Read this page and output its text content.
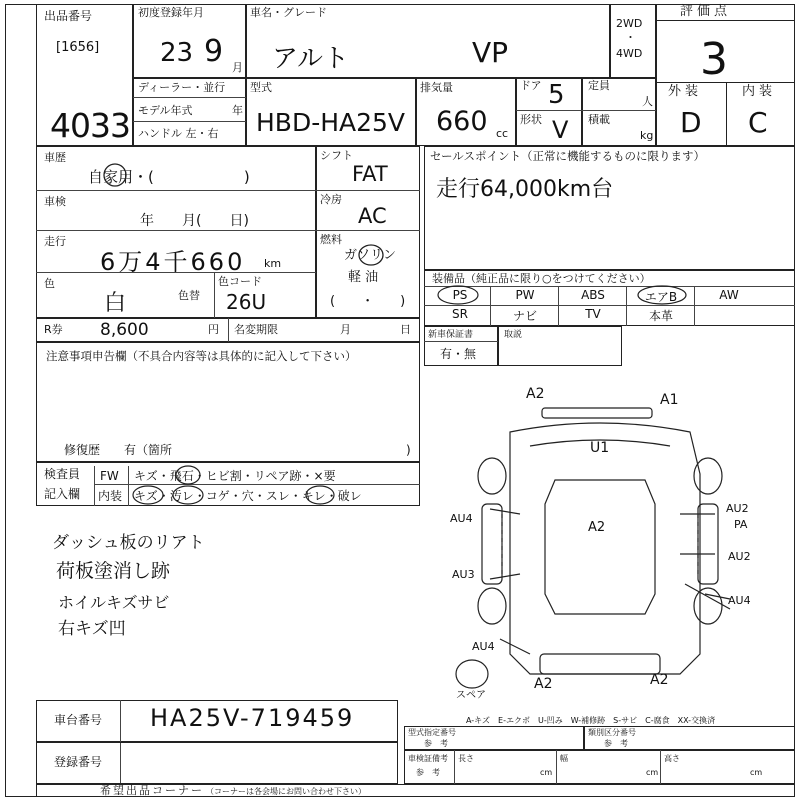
出品番号
[1656]
4033
初度登録年月
23 9 月
車名・グレード
アルト	VP
2WD
・
4WD
評価点
3
外装	内装
D C
ディーラー・並行
モデル年式	年
ハンドル 左・右
型式
HBD-HA25V
排気量
660 cc
ドア 5
形状 V
定員
人
積載
kg
車歴
自家用・(　　　　　　)
車検
年　　月(　　日)
走行
6万4千660 km
色
白	色替
色コード
26U
シフト
FAT
冷房
AC
燃料
ガソリン
軽 油
(　　・　　)
セールスポイント（正常に機能するものに限ります）
走行64,000km台
装備品（純正品に限り○をつけてください）
PS	PW	ABS	エアB	AW
SR	ナビ	TV	本革
R券 8,600	円 名変期限	月	日 新車保証書
有・無
取説
注意事項申告欄（不具合内容等は具体的に記入して下さい）
修復歴　　有（箇所	)
検査員
記入欄
FW キズ・飛石・ヒビ割・リペア跡・×要
内装 キズ・汚レ・コゲ・穴・スレ・キレ・破レ
ダッシュ板のリアト
荷板塗消し跡
ホイルキズサビ
右キズ凹
A2	A1
U1
A2
AU4
AU2
PA
AU2
AU3
AU4
AU4
A2	A2
スペア
A-キズ　E-エクボ　U-凹み　W-補修跡　S-サビ　C-腐食　XX-交換済
車台番号 HA25V-719459
登録番号
型式指定番号
参　考
類別区分番号
参　考
車検証備考
参　考
長さ
cm
幅
cm
高さ
cm
希望出品コーナー （コーナーは各会場にお問い合わせ下さい）
